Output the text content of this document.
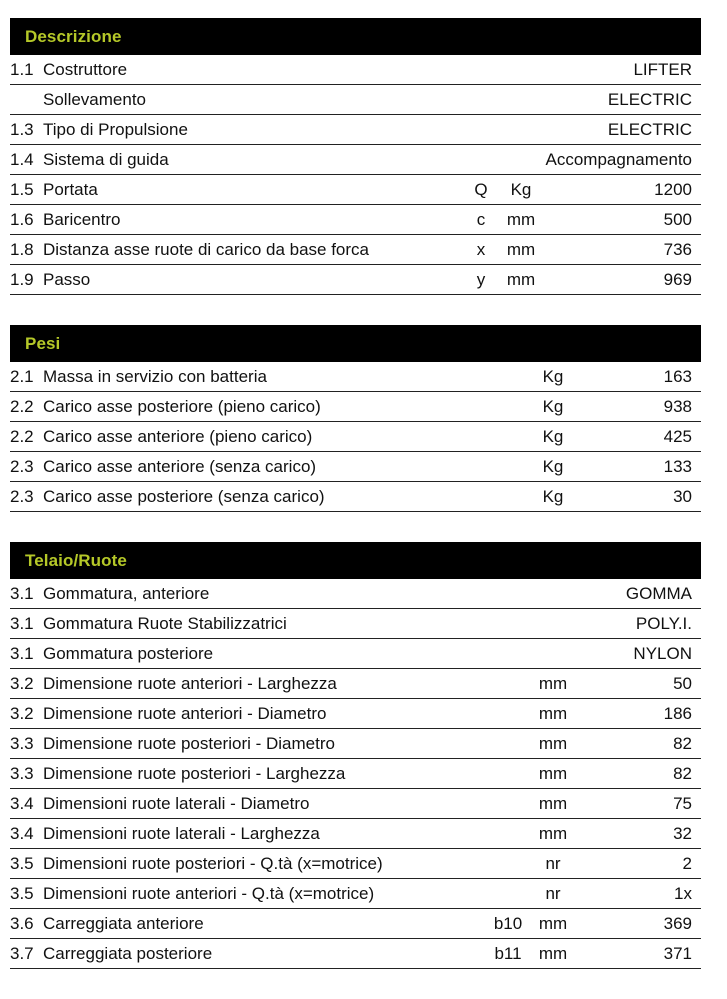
Descrizione
1.1 Costruttore	LIFTER
Sollevamento	ELECTRIC
1.3 Tipo di Propulsione	ELECTRIC
1.4 Sistema di guida	Accompagnamento
1.5 Portata	Q	Kg	1200
1.6 Baricentro	c	mm	500
1.8 Distanza asse ruote di carico da base forca	x	mm	736
1.9 Passo	y	mm	969
Pesi
2.1 Massa in servizio con batteria	Kg	163
2.2 Carico asse posteriore (pieno carico)	Kg	938
2.2 Carico asse anteriore (pieno carico)	Kg	425
2.3 Carico asse anteriore (senza carico)	Kg	133
2.3 Carico asse posteriore (senza carico)	Kg	30
Telaio/Ruote
3.1 Gommatura, anteriore	GOMMA
3.1 Gommatura Ruote Stabilizzatrici	POLY.I.
3.1 Gommatura posteriore	NYLON
3.2 Dimensione ruote anteriori - Larghezza	mm	50
3.2 Dimensione ruote anteriori - Diametro	mm	186
3.3 Dimensione ruote posteriori - Diametro	mm	82
3.3 Dimensione ruote posteriori - Larghezza	mm	82
3.4 Dimensioni ruote laterali - Diametro	mm	75
3.4 Dimensioni ruote laterali - Larghezza	mm	32
3.5 Dimensioni ruote posteriori - Q.tà (x=motrice)	nr	2
3.5 Dimensioni ruote anteriori - Q.tà (x=motrice)	nr	1x
3.6 Carreggiata anteriore	b10 mm	369
3.7 Carreggiata posteriore	b11	mm	371
